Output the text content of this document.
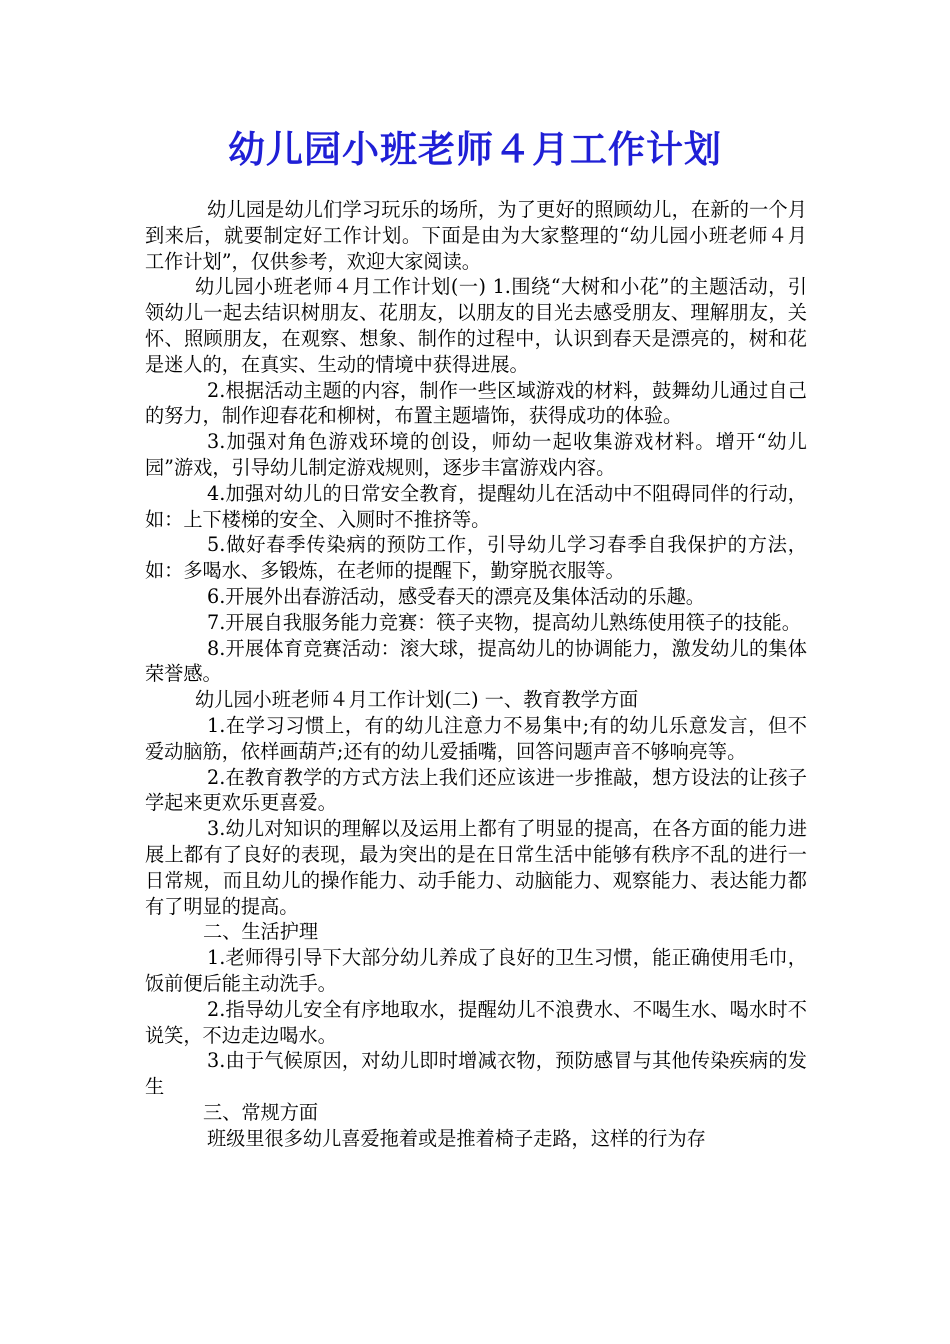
幼儿园小班老师４月工作计划

幼儿园是幼儿们学习玩乐的场所，为了更好的照顾幼儿，在新的一个月到来后，就要制定好工作计划。下面是由为大家整理的“幼儿园小班老师４月工作计划”，仅供参考，欢迎大家阅读。

幼儿园小班老师４月工作计划(一) 1.围绕“大树和小花”的主题活动，引领幼儿一起去结识树朋友、花朋友，以朋友的目光去感受朋友、理解朋友，关怀、照顾朋友，在观察、想象、制作的过程中，认识到春天是漂亮的，树和花是迷人的，在真实、生动的情境中获得进展。

2.根据活动主题的内容，制作一些区域游戏的材料，鼓舞幼儿通过自己的努力，制作迎春花和柳树，布置主题墙饰，获得成功的体验。

3.加强对角色游戏环境的创设，师幼一起收集游戏材料。增开“幼儿园”游戏，引导幼儿制定游戏规则，逐步丰富游戏内容。

4.加强对幼儿的日常安全教育，提醒幼儿在活动中不阻碍同伴的行动，如：上下楼梯的安全、入厕时不推挤等。

5.做好春季传染病的预防工作，引导幼儿学习春季自我保护的方法，如：多喝水、多锻炼，在老师的提醒下，勤穿脱衣服等。

6.开展外出春游活动，感受春天的漂亮及集体活动的乐趣。

7.开展自我服务能力竞赛：筷子夹物，提高幼儿熟练使用筷子的技能。

8.开展体育竞赛活动：滚大球，提高幼儿的协调能力，激发幼儿的集体荣誉感。

幼儿园小班老师４月工作计划(二) 一、教育教学方面

1.在学习习惯上，有的幼儿注意力不易集中;有的幼儿乐意发言，但不爱动脑筋，依样画葫芦;还有的幼儿爱插嘴，回答问题声音不够响亮等。

2.在教育教学的方式方法上我们还应该进一步推敲，想方设法的让孩子学起来更欢乐更喜爱。

3.幼儿对知识的理解以及运用上都有了明显的提高，在各方面的能力进展上都有了良好的表现，最为突出的是在日常生活中能够有秩序不乱的进行一日常规，而且幼儿的操作能力、动手能力、动脑能力、观察能力、表达能力都有了明显的提高。

二、生活护理

1.老师得引导下大部分幼儿养成了良好的卫生习惯，能正确使用毛巾，饭前便后能主动洗手。

2.指导幼儿安全有序地取水，提醒幼儿不浪费水、不喝生水、喝水时不说笑，不边走边喝水。

3.由于气候原因，对幼儿即时增减衣物，预防感冒与其他传染疾病的发生

三、常规方面

班级里很多幼儿喜爱拖着或是推着椅子走路，这样的行为存
